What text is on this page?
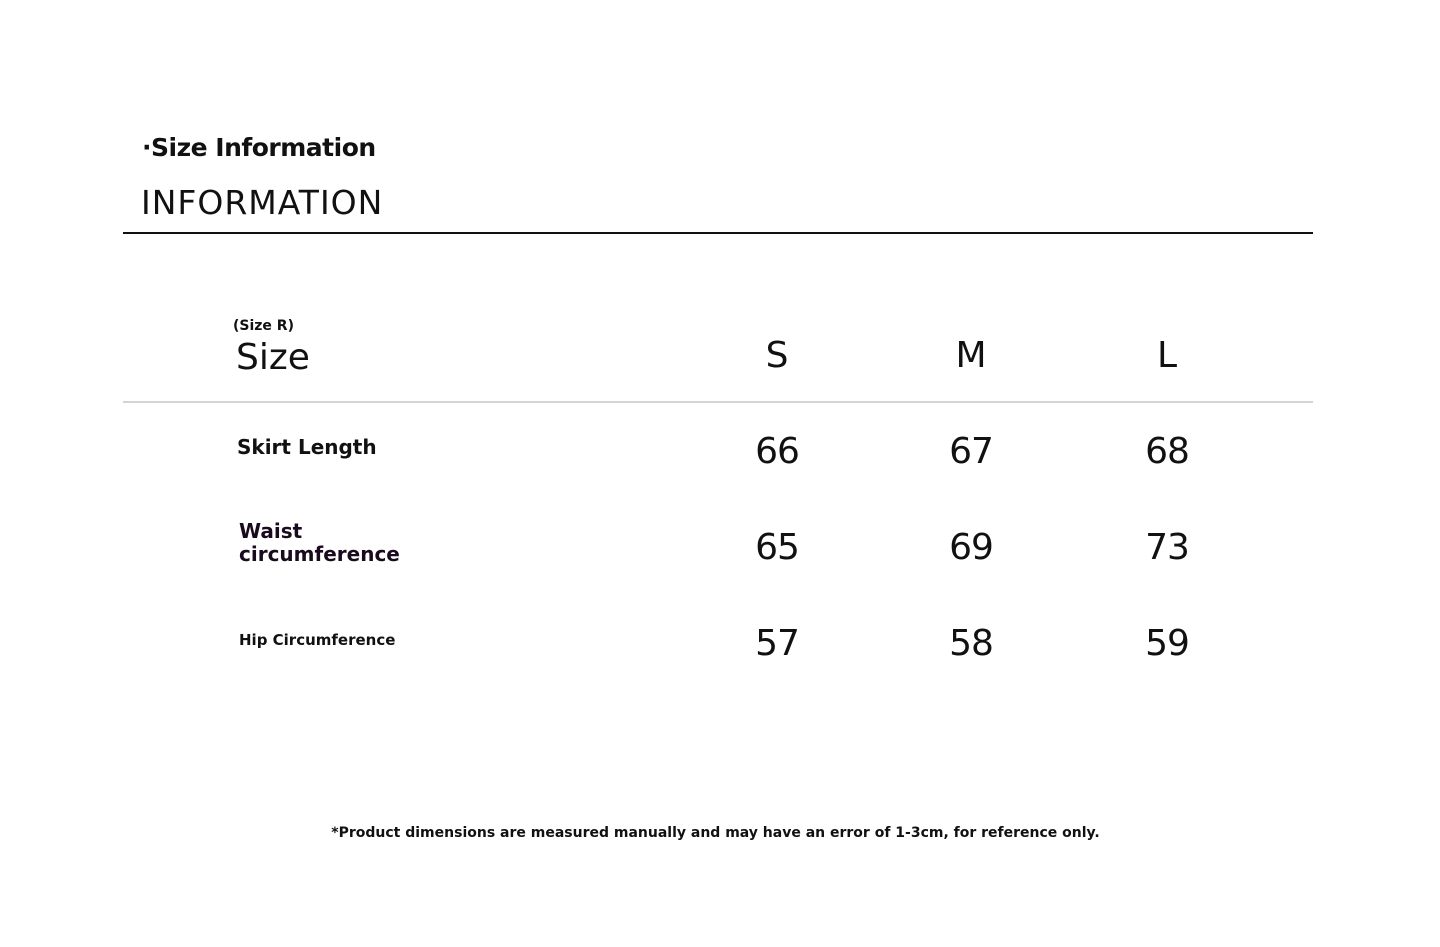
·Size Information
INFORMATION
(Size R)
Size	S	M	L
Skirt Length	66	67	68
Waist circumference	65	69	73
Hip Circumference	57	58	59
*Product dimensions are measured manually and may have an error of 1-3cm, for reference only.
